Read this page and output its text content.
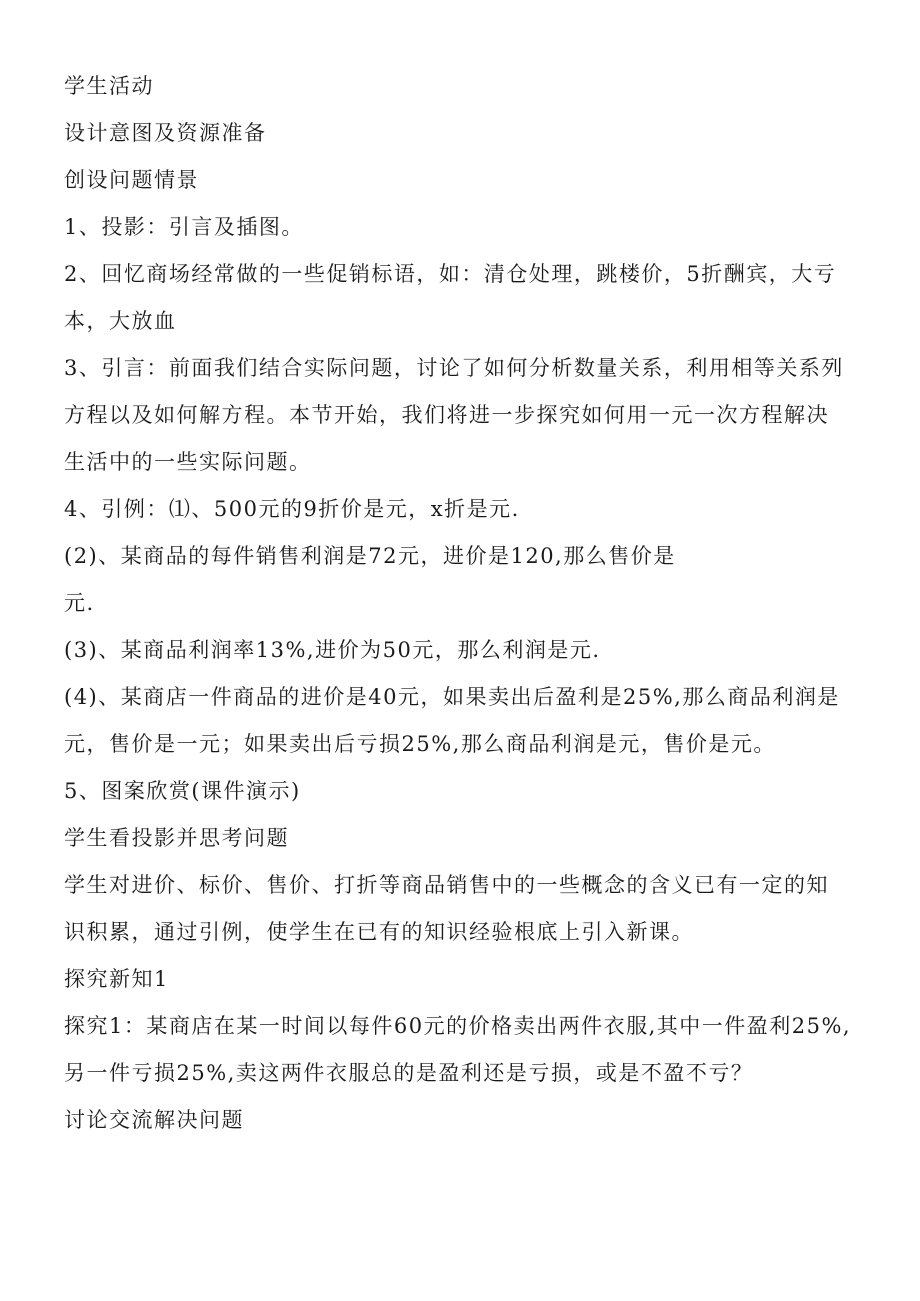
学生活动
设计意图及资源准备
创设问题情景
1、投影：引言及插图。
2、回忆商场经常做的一些促销标语，如：清仓处理，跳楼价，5折酬宾，大亏
本，大放血
3、引言：前面我们结合实际问题，讨论了如何分析数量关系，利用相等关系列
方程以及如何解方程。本节开始，我们将进一步探究如何用一元一次方程解决
生活中的一些实际问题。
4、引例：⑴、500元的9折价是元，x折是元.
(2)、某商品的每件销售利润是72元，进价是120,那么售价是
元.
(3)、某商品利润率13%,进价为50元，那么利润是元.
(4)、某商店一件商品的进价是40元，如果卖出后盈利是25%,那么商品利润是
元，售价是一元；如果卖出后亏损25%,那么商品利润是元，售价是元。
5、图案欣赏(课件演示)
学生看投影并思考问题
学生对进价、标价、售价、打折等商品销售中的一些概念的含义已有一定的知
识积累，通过引例，使学生在已有的知识经验根底上引入新课。
探究新知1
探究1：某商店在某一时间以每件60元的价格卖出两件衣服,其中一件盈利25%,
另一件亏损25%,卖这两件衣服总的是盈利还是亏损，或是不盈不亏？
讨论交流解决问题
